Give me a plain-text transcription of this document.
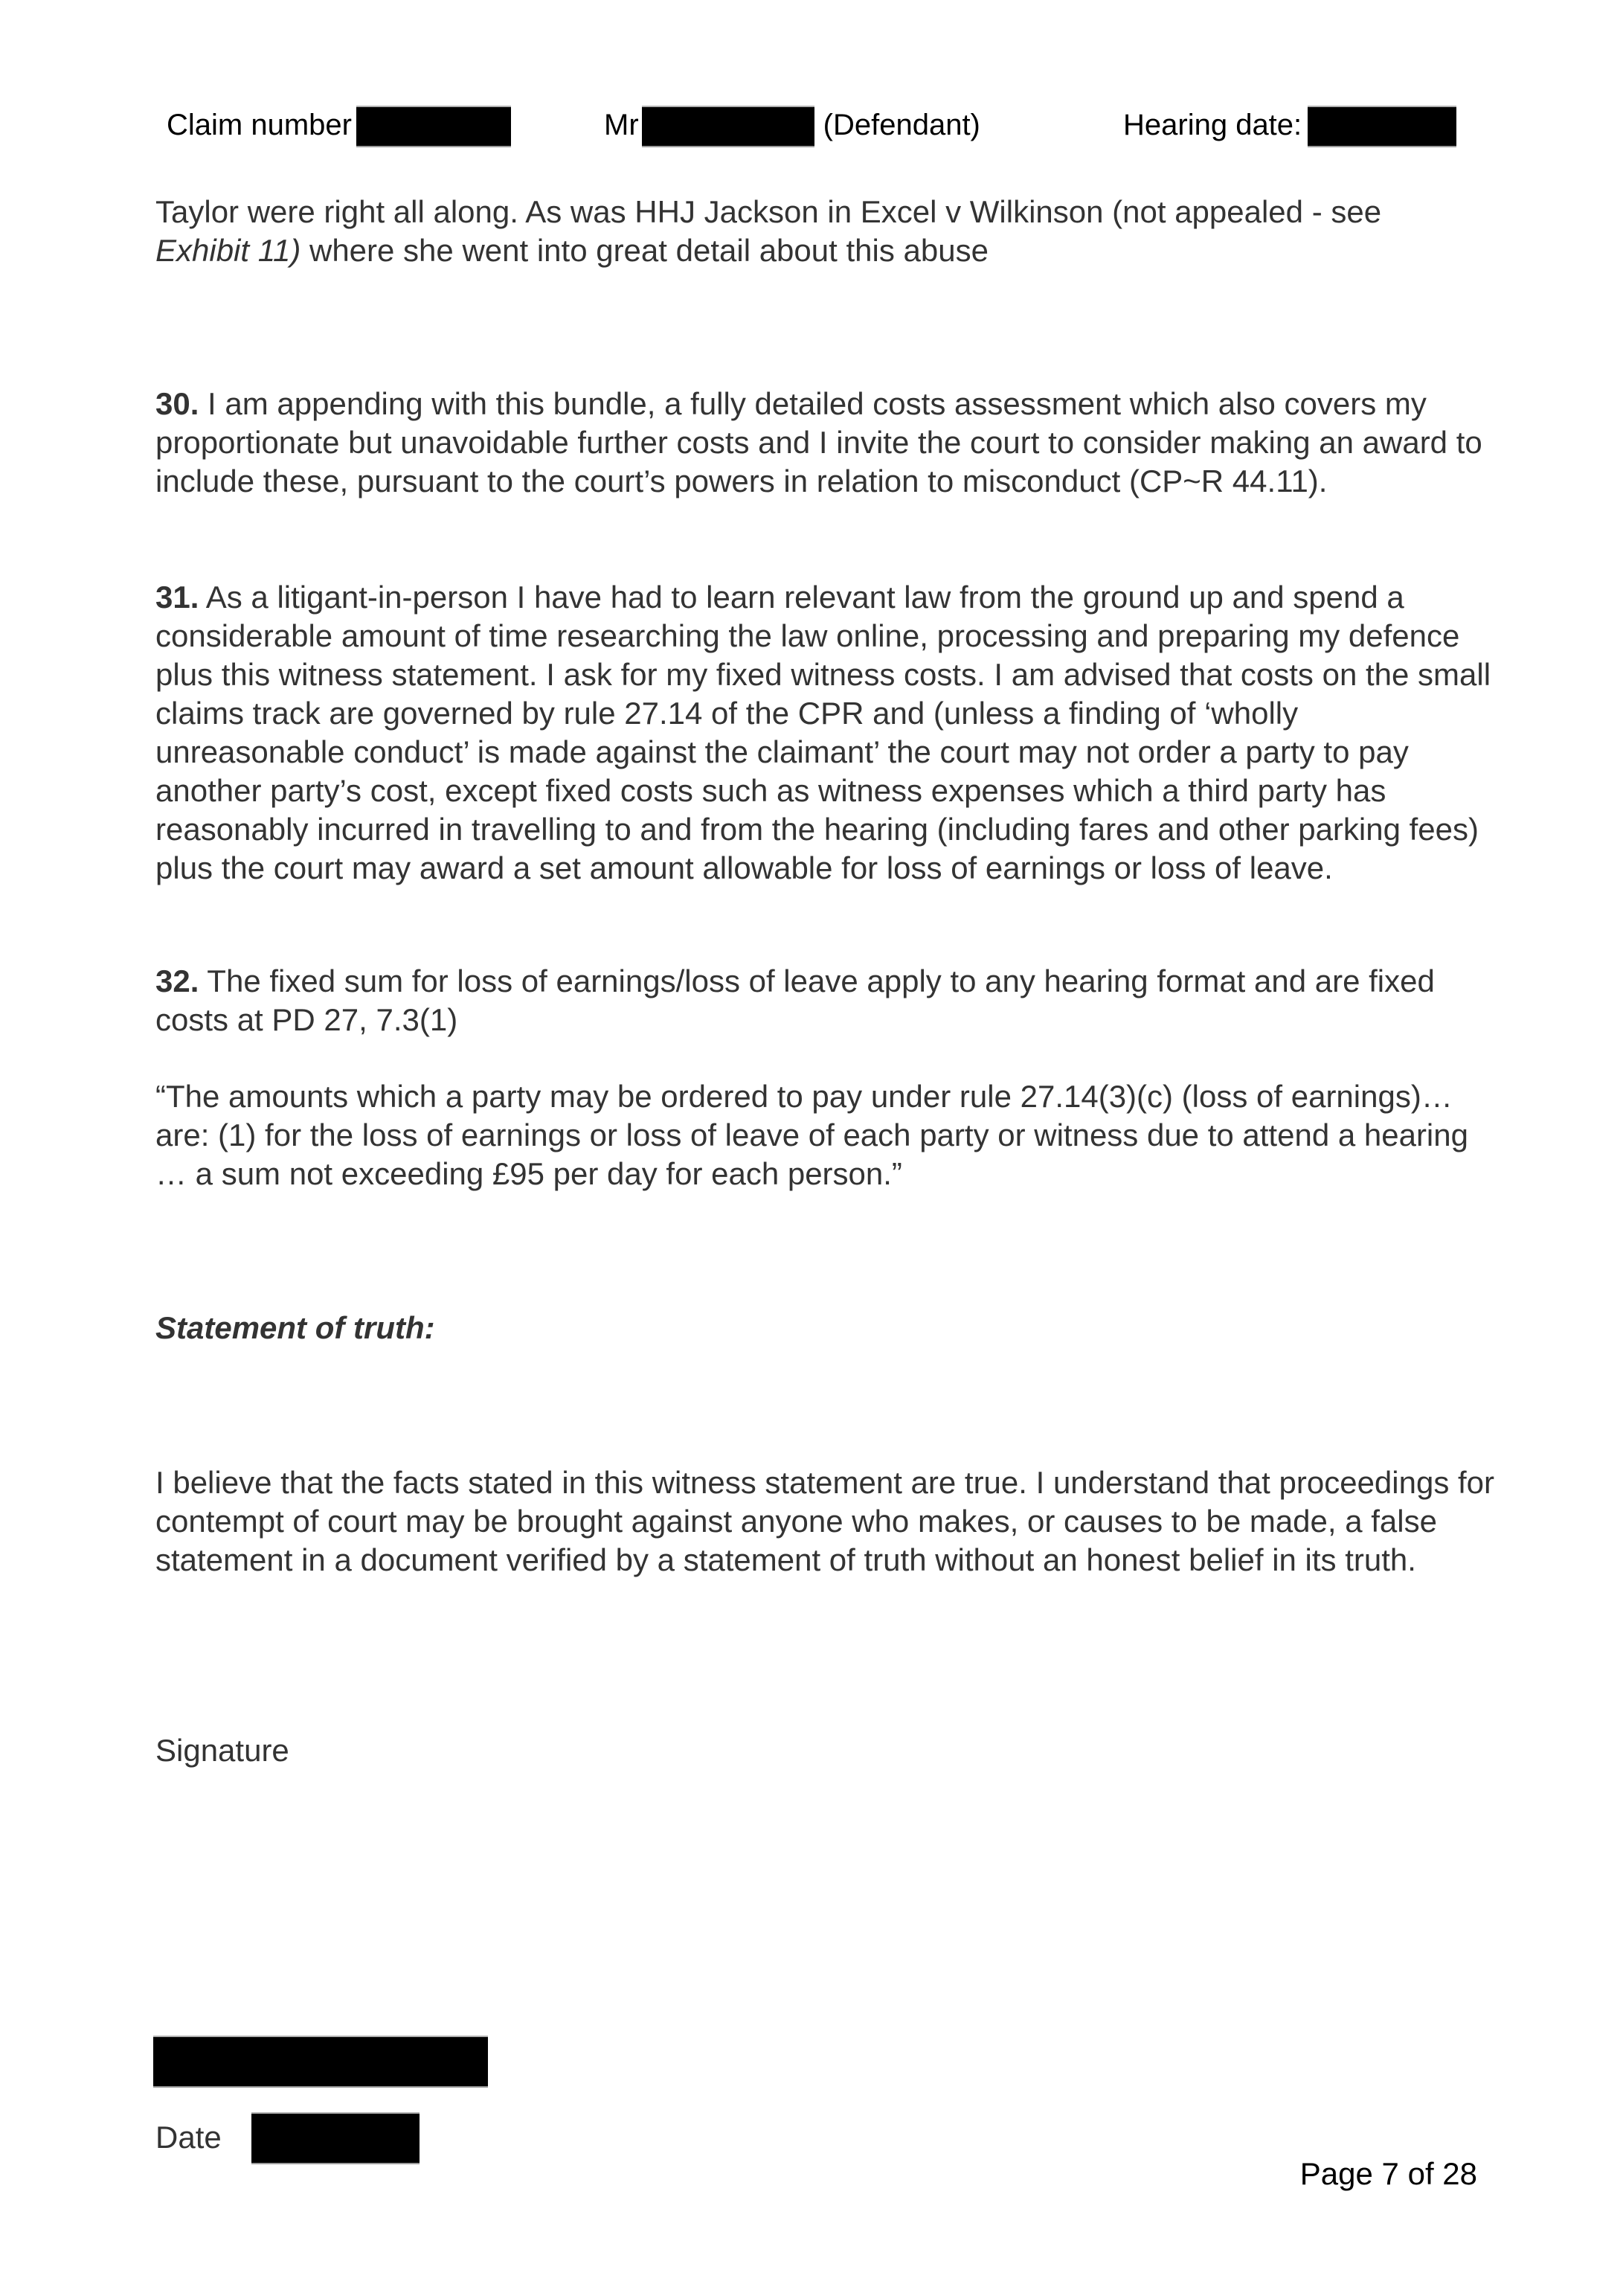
Claim number	Mr	(Defendant)	Hearing date:

Taylor were right all along. As was HHJ Jackson in Excel v Wilkinson (not appealed - see
Exhibit 11) where she went into great detail about this abuse

30. I am appending with this bundle, a fully detailed costs assessment which also covers my proportionate but unavoidable further costs and I invite the court to consider making an award to include these, pursuant to the court’s powers in relation to misconduct (CP~R 44.11).

31. As a litigant-in-person I have had to learn relevant law from the ground up and spend a considerable amount of time researching the law online, processing and preparing my defence plus this witness statement. I ask for my fixed witness costs. I am advised that costs on the small claims track are governed by rule 27.14 of the CPR and (unless a finding of ‘wholly unreasonable conduct’ is made against the claimant’ the court may not order a party to pay another party’s cost, except fixed costs such as witness expenses which a third party has reasonably incurred in travelling to and from the hearing (including fares and other parking fees) plus the court may award a set amount allowable for loss of earnings or loss of leave.

32. The fixed sum for loss of earnings/loss of leave apply to any hearing format and are fixed costs at PD 27, 7.3(1)

“The amounts which a party may be ordered to pay under rule 27.14(3)(c) (loss of earnings)… are: (1) for the loss of earnings or loss of leave of each party or witness due to attend a hearing … a sum not exceeding £95 per day for each person.”

Statement of truth:

I believe that the facts stated in this witness statement are true. I understand that proceedings for contempt of court may be brought against anyone who makes, or causes to be made, a false statement in a document verified by a statement of truth without an honest belief in its truth.

Signature
Date
Page 7 of 28
